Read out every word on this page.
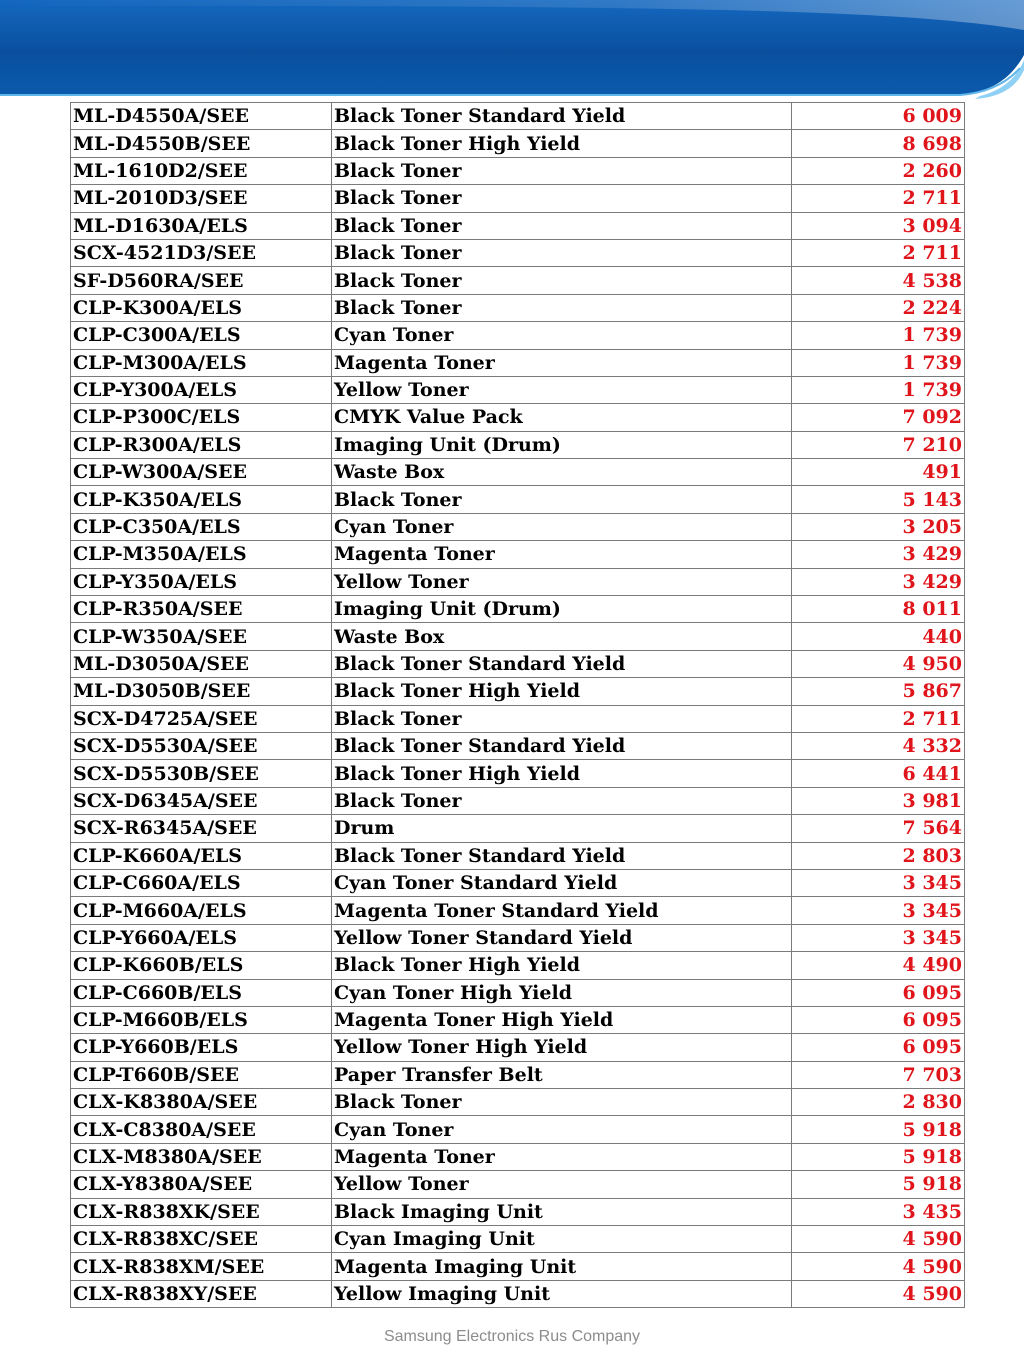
ML-D4550A/SEE	Black Toner Standard Yield	6 009
ML-D4550B/SEE	Black Toner High Yield	8 698
ML-1610D2/SEE	Black Toner	2 260
ML-2010D3/SEE	Black Toner	2 711
ML-D1630A/ELS	Black Toner	3 094
SCX-4521D3/SEE	Black Toner	2 711
SF-D560RA/SEE	Black Toner	4 538
CLP-K300A/ELS	Black Toner	2 224
CLP-C300A/ELS	Cyan Toner	1 739
CLP-M300A/ELS	Magenta Toner	1 739
CLP-Y300A/ELS	Yellow Toner	1 739
CLP-P300C/ELS	CMYK Value Pack	7 092
CLP-R300A/ELS	Imaging Unit (Drum)	7 210
CLP-W300A/SEE	Waste Box	491
CLP-K350A/ELS	Black Toner	5 143
CLP-C350A/ELS	Cyan Toner	3 205
CLP-M350A/ELS	Magenta Toner	3 429
CLP-Y350A/ELS	Yellow Toner	3 429
CLP-R350A/SEE	Imaging Unit (Drum)	8 011
CLP-W350A/SEE	Waste Box	440
ML-D3050A/SEE	Black Toner Standard Yield	4 950
ML-D3050B/SEE	Black Toner High Yield	5 867
SCX-D4725A/SEE	Black Toner	2 711
SCX-D5530A/SEE	Black Toner Standard Yield	4 332
SCX-D5530B/SEE	Black Toner High Yield	6 441
SCX-D6345A/SEE	Black Toner	3 981
SCX-R6345A/SEE	Drum	7 564
CLP-K660A/ELS	Black Toner Standard Yield	2 803
CLP-C660A/ELS	Cyan Toner Standard Yield	3 345
CLP-M660A/ELS	Magenta Toner Standard Yield	3 345
CLP-Y660A/ELS	Yellow Toner Standard Yield	3 345
CLP-K660B/ELS	Black Toner High Yield	4 490
CLP-C660B/ELS	Cyan Toner High Yield	6 095
CLP-M660B/ELS	Magenta Toner High Yield	6 095
CLP-Y660B/ELS	Yellow Toner High Yield	6 095
CLP-T660B/SEE	Paper Transfer Belt	7 703
CLX-K8380A/SEE	Black Toner	2 830
CLX-C8380A/SEE	Cyan Toner	5 918
CLX-M8380A/SEE	Magenta Toner	5 918
CLX-Y8380A/SEE	Yellow Toner	5 918
CLX-R838XK/SEE	Black Imaging Unit	3 435
CLX-R838XC/SEE	Cyan Imaging Unit	4 590
CLX-R838XM/SEE	Magenta Imaging Unit	4 590
CLX-R838XY/SEE	Yellow Imaging Unit	4 590
Samsung Electronics Rus Company
